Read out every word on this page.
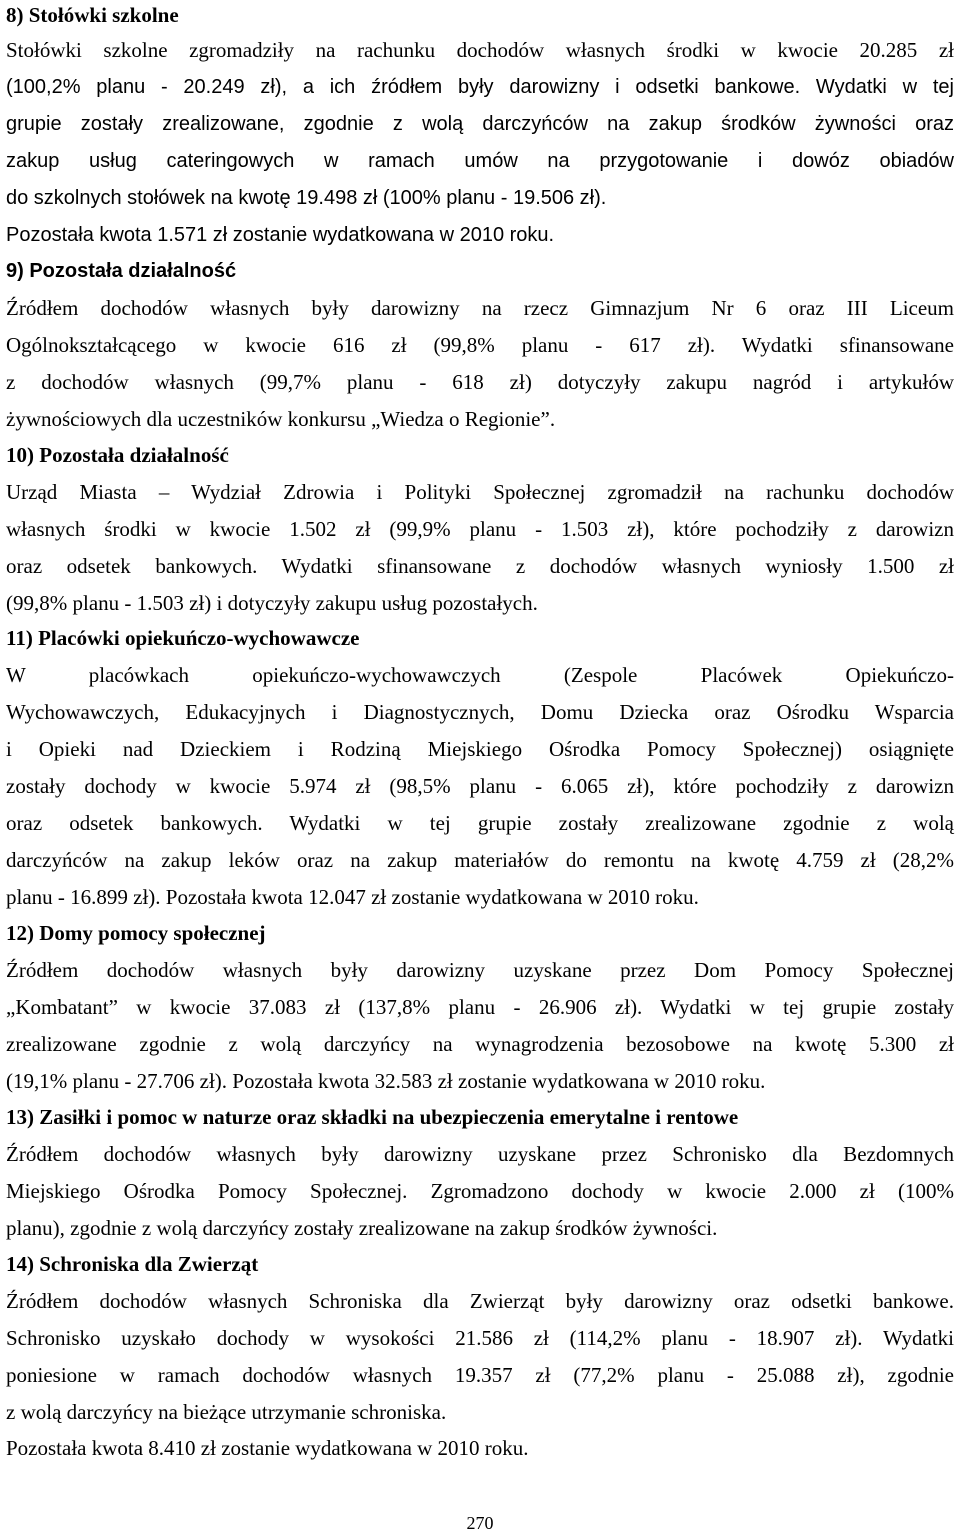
8) Stołówki szkolne
Stołówki szkolne zgromadziły na rachunku dochodów własnych środki w kwocie 20.285 zł
(100,2% planu - 20.249 zł), a ich źródłem były darowizny i odsetki bankowe. Wydatki w tej
grupie zostały zrealizowane, zgodnie z wolą darczyńców na zakup środków żywności oraz
zakup usług cateringowych w ramach umów na przygotowanie i dowóz obiadów
do szkolnych stołówek na kwotę 19.498 zł (100% planu - 19.506 zł).
Pozostała kwota 1.571 zł zostanie wydatkowana w 2010 roku.
9) Pozostała działalność
Źródłem dochodów własnych były darowizny na rzecz Gimnazjum Nr 6 oraz III Liceum
Ogólnokształcącego w kwocie 616 zł (99,8% planu - 617 zł). Wydatki sfinansowane
z dochodów własnych (99,7% planu - 618 zł) dotyczyły zakupu nagród i artykułów
żywnościowych dla uczestników konkursu „Wiedza o Regionie”.
10) Pozostała działalność
Urząd Miasta – Wydział Zdrowia i Polityki Społecznej zgromadził na rachunku dochodów
własnych środki w kwocie 1.502 zł (99,9% planu - 1.503 zł), które pochodziły z darowizn
oraz odsetek bankowych. Wydatki sfinansowane z dochodów własnych wyniosły 1.500 zł
(99,8% planu - 1.503 zł) i dotyczyły zakupu usług pozostałych.
11) Placówki opiekuńczo-wychowawcze
W placówkach opiekuńczo-wychowawczych (Zespole Placówek Opiekuńczo-
Wychowawczych, Edukacyjnych i Diagnostycznych, Domu Dziecka oraz Ośrodku Wsparcia
i Opieki nad Dzieckiem i Rodziną Miejskiego Ośrodka Pomocy Społecznej) osiągnięte
zostały dochody w kwocie 5.974 zł (98,5% planu - 6.065 zł), które pochodziły z darowizn
oraz odsetek bankowych. Wydatki w tej grupie zostały zrealizowane zgodnie z wolą
darczyńców na zakup leków oraz na zakup materiałów do remontu na kwotę 4.759 zł (28,2%
planu - 16.899 zł). Pozostała kwota 12.047 zł zostanie wydatkowana w 2010 roku.
12) Domy pomocy społecznej
Źródłem dochodów własnych były darowizny uzyskane przez Dom Pomocy Społecznej
„Kombatant” w kwocie 37.083 zł (137,8% planu - 26.906 zł). Wydatki w tej grupie zostały
zrealizowane zgodnie z wolą darczyńcy na wynagrodzenia bezosobowe na kwotę 5.300 zł
(19,1% planu - 27.706 zł). Pozostała kwota 32.583 zł zostanie wydatkowana w 2010 roku.
13) Zasiłki i pomoc w naturze oraz składki na ubezpieczenia emerytalne i rentowe
Źródłem dochodów własnych były darowizny uzyskane przez Schronisko dla Bezdomnych
Miejskiego Ośrodka Pomocy Społecznej. Zgromadzono dochody w kwocie 2.000 zł (100%
planu), zgodnie z wolą darczyńcy zostały zrealizowane na zakup środków żywności.
14) Schroniska dla Zwierząt
Źródłem dochodów własnych Schroniska dla Zwierząt były darowizny oraz odsetki bankowe.
Schronisko uzyskało dochody w wysokości 21.586 zł (114,2% planu - 18.907 zł). Wydatki
poniesione w ramach dochodów własnych 19.357 zł (77,2% planu - 25.088 zł), zgodnie
z wolą darczyńcy na bieżące utrzymanie schroniska.
Pozostała kwota 8.410 zł zostanie wydatkowana w 2010 roku.
270
